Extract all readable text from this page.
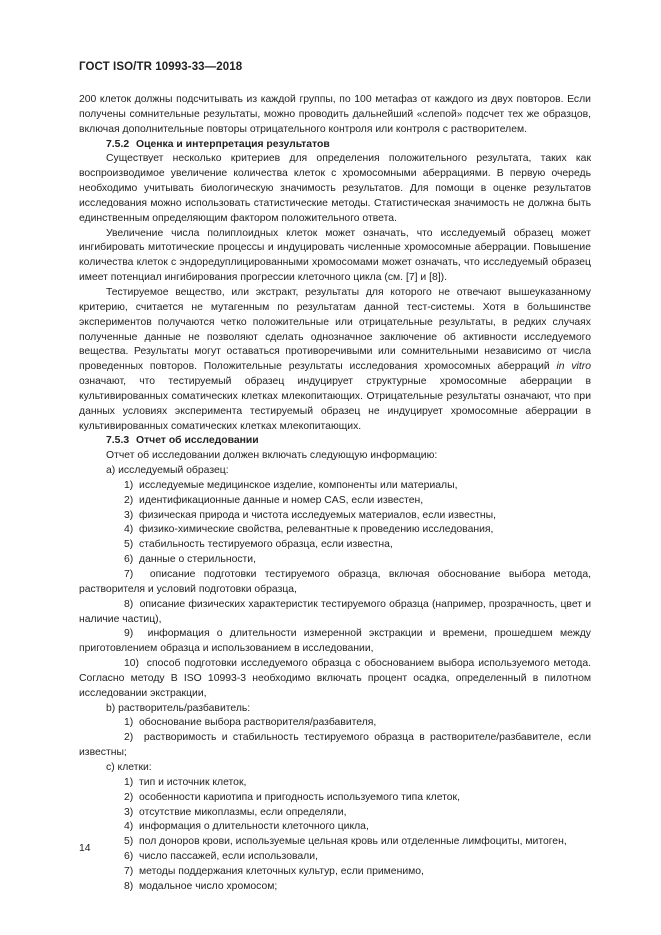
ГОСТ ISO/TR 10993-33—2018

200 клеток должны подсчитывать из каждой группы, по 100 метафаз от каждого из двух повторов. Если получены сомнительные результаты, можно проводить дальнейший «слепой» подсчет тех же образцов, включая дополнительные повторы отрицательного контроля или контроля с растворителем.

7.5.2 Оценка и интерпретация результатов

Существует несколько критериев для определения положительного результата, таких как воспроизводимое увеличение количества клеток с хромосомными аберрациями. В первую очередь необходимо учитывать биологическую значимость результатов. Для помощи в оценке результатов исследования можно использовать статистические методы. Статистическая значимость не должна быть единственным определяющим фактором положительного ответа.

Увеличение числа полиплоидных клеток может означать, что исследуемый образец может ингибировать митотические процессы и индуцировать численные хромосомные аберрации. Повышение количества клеток с эндоредуплицированными хромосомами может означать, что исследуемый образец имеет потенциал ингибирования прогрессии клеточного цикла (см. [7] и [8]).

Тестируемое вещество, или экстракт, результаты для которого не отвечают вышеуказанному критерию, считается не мутагенным по результатам данной тест-системы. Хотя в большинстве экспериментов получаются четко положительные или отрицательные результаты, в редких случаях полученные данные не позволяют сделать однозначное заключение об активности исследуемого вещества. Результаты могут оставаться противоречивыми или сомнительными независимо от числа проведенных повторов. Положительные результаты исследования хромосомных аберраций in vitro означают, что тестируемый образец индуцирует структурные хромосомные аберрации в культивированных соматических клетках млекопитающих. Отрицательные результаты означают, что при данных условиях эксперимента тестируемый образец не индуцирует хромосомные аберрации в культивированных соматических клетках млекопитающих.

7.5.3 Отчет об исследовании

Отчет об исследовании должен включать следующую информацию:

a) исследуемый образец:

1) исследуемые медицинское изделие, компоненты или материалы,

2) идентификационные данные и номер CAS, если известен,

3) физическая природа и чистота исследуемых материалов, если известны,

4) физико-химические свойства, релевантные к проведению исследования,

5) стабильность тестируемого образца, если известна,

6) данные о стерильности,

7) описание подготовки тестируемого образца, включая обоснование выбора метода, растворителя и условий подготовки образца,

8) описание физических характеристик тестируемого образца (например, прозрачность, цвет и наличие частиц),

9) информация о длительности измеренной экстракции и времени, прошедшем между приготовлением образца и использованием в исследовании,

10) способ подготовки исследуемого образца с обоснованием выбора используемого метода. Согласно методу В ISO 10993-3 необходимо включать процент осадка, определенный в пилотном исследовании экстракции,

b) растворитель/разбавитель:

1) обоснование выбора растворителя/разбавителя,

2) растворимость и стабильность тестируемого образца в растворителе/разбавителе, если известны;

c) клетки:

1) тип и источник клеток,

2) особенности кариотипа и пригодность используемого типа клеток,

3) отсутствие микоплазмы, если определяли,

4) информация о длительности клеточного цикла,

5) пол доноров крови, используемые цельная кровь или отделенные лимфоциты, митоген,

6) число пассажей, если использовали,

7) методы поддержания клеточных культур, если применимо,

8) модальное число хромосом;

14
